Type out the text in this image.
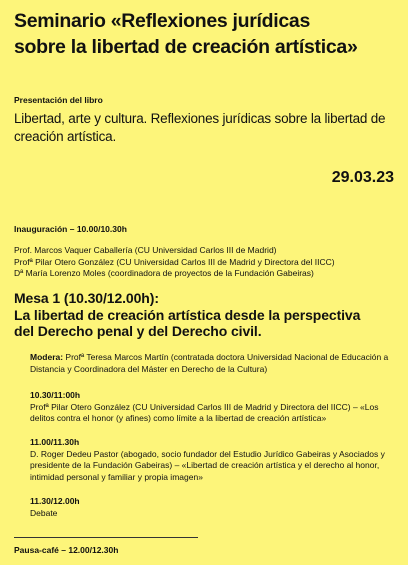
Seminario «Reflexiones jurídicas
sobre la libertad de creación artística»

Presentación del libro

Libertad, arte y cultura. Reflexiones jurídicas sobre la libertad de creación artística.

29.03.23

Inauguración – 10.00/10.30h

Prof. Marcos Vaquer Caballería (CU Universidad Carlos III de Madrid)
Profª Pilar Otero González (CU Universidad Carlos III de Madrid y Directora del IICC)
Dª María Lorenzo Moles (coordinadora de proyectos de la Fundación Gabeiras)
Mesa 1 (10.30/12.00h):
La libertad de creación artística desde la perspectiva
del Derecho penal y del Derecho civil.

Modera: Profª Teresa Marcos Martín (contratada doctora Universidad Nacional de Educación a Distancia y Coordinadora del Máster en Derecho de la Cultura)

10.30/11:00h
Profª Pilar Otero González (CU Universidad Carlos III de Madrid y Directora del IICC) – «Los delitos contra el honor (y afines) como límite a la libertad de creación artística»
11.00/11.30h
D. Roger Dedeu Pastor (abogado, socio fundador del Estudio Jurídico Gabeiras y Asociados y presidente de la Fundación Gabeiras) – «Libertad de creación artística y el derecho al honor, intimidad personal y familiar y propia imagen»
11.30/12.00h
Debate

Pausa-café – 12.00/12.30h
